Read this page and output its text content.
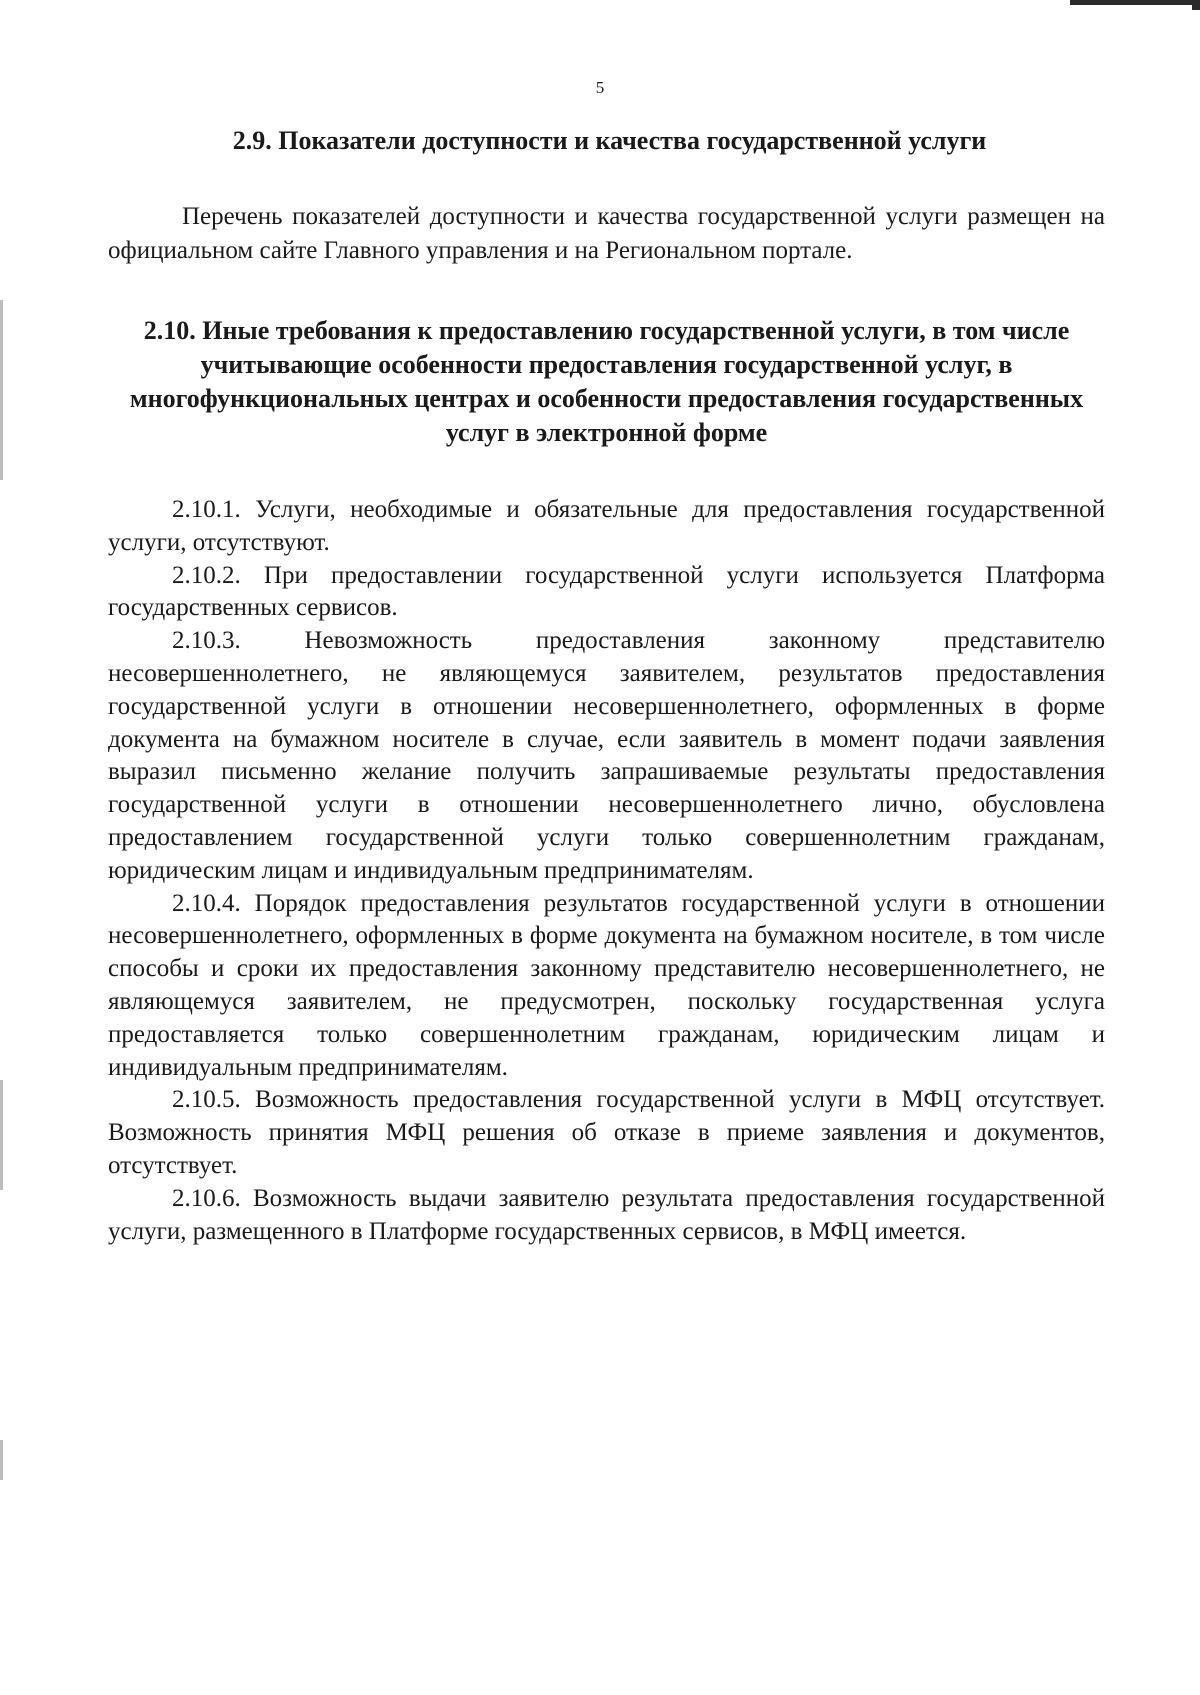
5
2.9. Показатели доступности и качества государственной услуги

Перечень показателей доступности и качества государственной услуги размещен на официальном сайте Главного управления и на Региональном портале.

2.10. Иные требования к предоставлению государственной услуги, в том числе учитывающие особенности предоставления государственной услуг, в многофункциональных центрах и особенности предоставления государственных услуг в электронной форме

2.10.1. Услуги, необходимые и обязательные для предоставления государственной услуги, отсутствуют.

2.10.2. При предоставлении государственной услуги используется Платформа государственных сервисов.

2.10.3. Невозможность предоставления законному представителю несовершеннолетнего, не являющемуся заявителем, результатов предоставления государственной услуги в отношении несовершеннолетнего, оформленных в форме документа на бумажном носителе в случае, если заявитель в момент подачи заявления выразил письменно желание получить запрашиваемые результаты предоставления государственной услуги в отношении несовершеннолетнего лично, обусловлена предоставлением государственной услуги только совершеннолетним гражданам, юридическим лицам и индивидуальным предпринимателям.

2.10.4. Порядок предоставления результатов государственной услуги в отношении несовершеннолетнего, оформленных в форме документа на бумажном носителе, в том числе способы и сроки их предоставления законному представителю несовершеннолетнего, не являющемуся заявителем, не предусмотрен, поскольку государственная услуга предоставляется только совершеннолетним гражданам, юридическим лицам и индивидуальным предпринимателям.

2.10.5. Возможность предоставления государственной услуги в МФЦ отсутствует. Возможность принятия МФЦ решения об отказе в приеме заявления и документов, отсутствует.

2.10.6. Возможность выдачи заявителю результата предоставления государственной услуги, размещенного в Платформе государственных сервисов, в МФЦ имеется.
